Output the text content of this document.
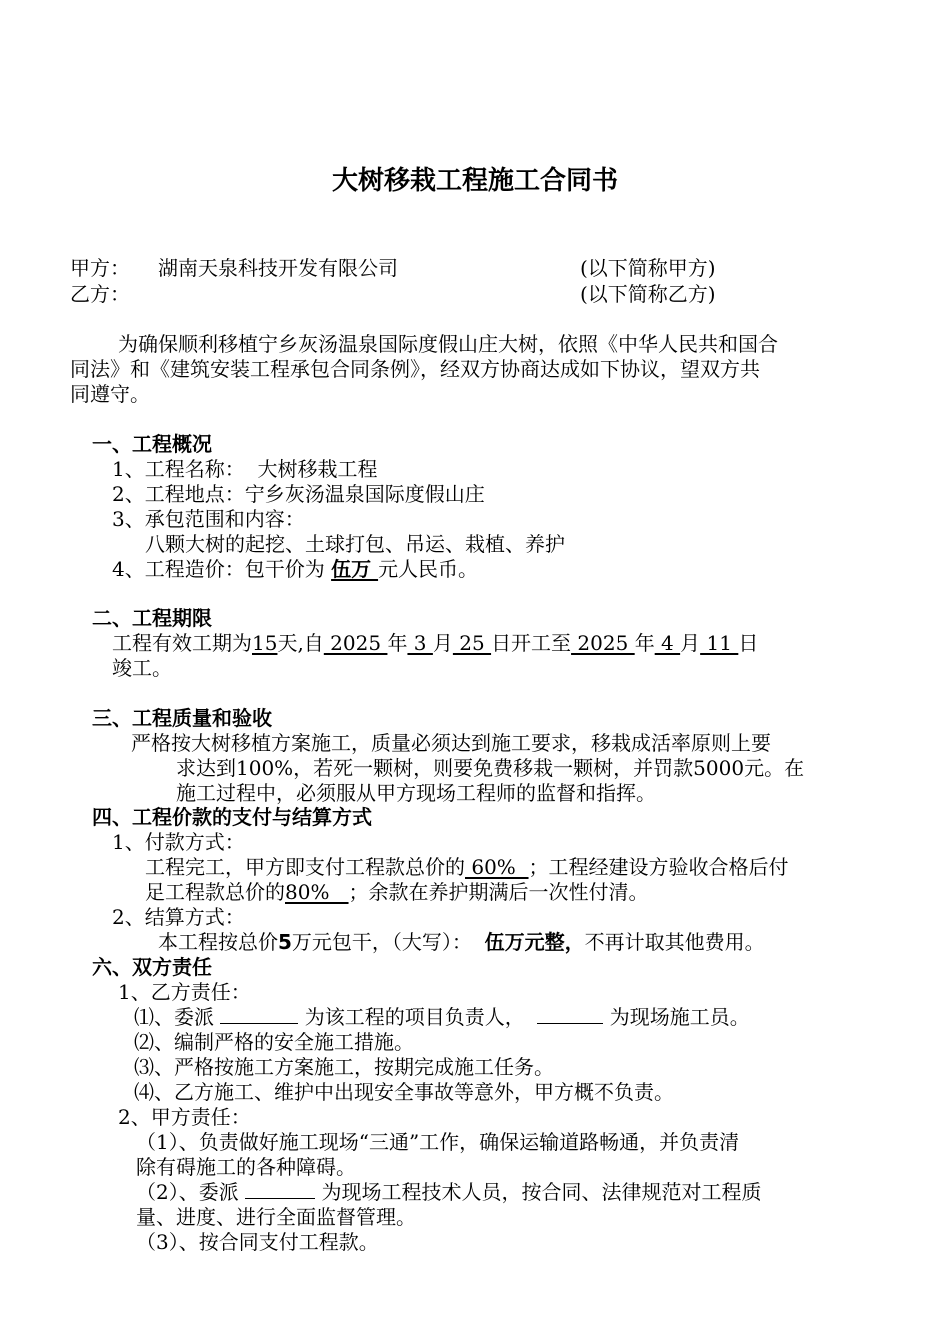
大树移栽工程施工合同书
甲方： 湖南天泉科技开发有限公司	(以下简称甲方)
乙方：	(以下简称乙方)
为确保顺利移植宁乡灰汤温泉国际度假山庄大树，依照《中华人民共和国合
同法》和《建筑安装工程承包合同条例》，经双方协商达成如下协议，望双方共
同遵守。
一、工程概况
1、工程名称：  大树移栽工程
2、工程地点：宁乡灰汤温泉国际度假山庄
3、承包范围和内容：
八颗大树的起挖、土球打包、吊运、栽植、养护
4、工程造价：包干价为 伍万 元人民币。
二、工程期限
工程有效工期为15天,自 2025 年 3 月 25 日开工至 2025 年 4 月 11 日
竣工。
三、工程质量和验收
严格按大树移植方案施工，质量必须达到施工要求，移栽成活率原则上要
求达到100%，若死一颗树，则要免费移栽一颗树，并罚款5000元。在
施工过程中，必须服从甲方现场工程师的监督和指挥。
四、工程价款的支付与结算方式
1、付款方式：
工程完工，甲方即支付工程款总价的 60%  ；工程经建设方验收合格后付
足工程款总价的80%   ；余款在养护期满后一次性付清。
2、结算方式：
本工程按总价5万元包干，（大写）：  伍万元整，不再计取其他费用。
六、双方责任
1、乙方责任：
⑴、委派	为该工程的项目负责人，	为现场施工员。
⑵、编制严格的安全施工措施。
⑶、严格按施工方案施工，按期完成施工任务。
⑷、乙方施工、维护中出现安全事故等意外，甲方概不负责。
2、甲方责任：
（1）、负责做好施工现场“三通”工作，确保运输道路畅通，并负责清
除有碍施工的各种障碍。
（2）、委派	为现场工程技术人员，按合同、法律规范对工程质
量、进度、进行全面监督管理。
（3）、按合同支付工程款。
